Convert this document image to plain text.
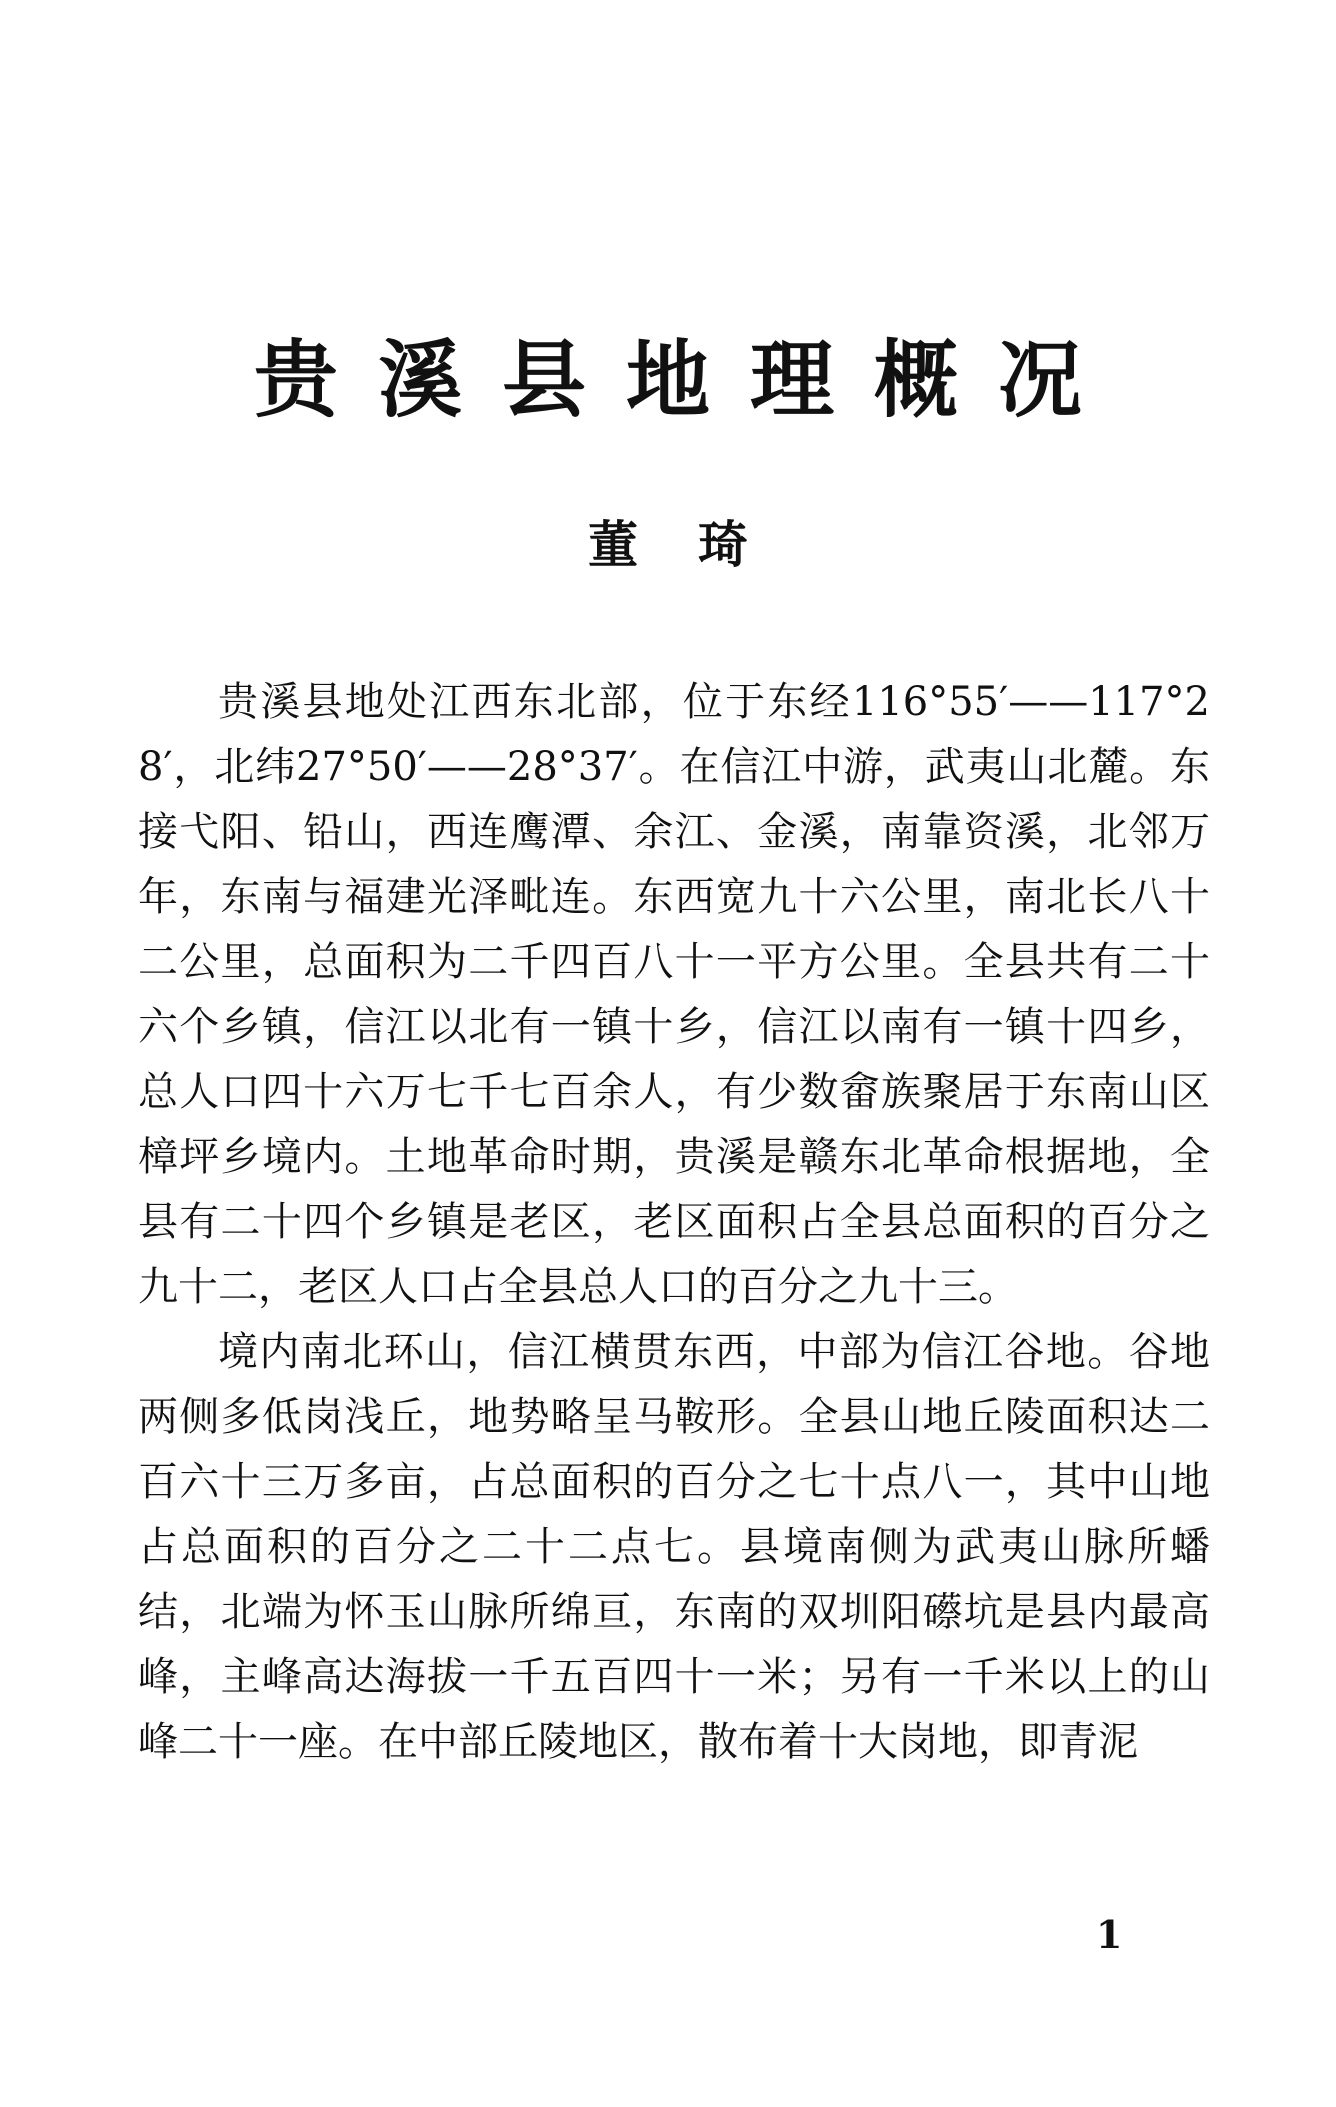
贵溪县地理概况
董琦

贵溪县地处江西东北部，位于东经116°55′——117°28′，北纬27°50′——28°37′。在信江中游，武夷山北麓。东接弋阳、铅山，西连鹰潭、余江、金溪，南靠资溪，北邻万年，东南与福建光泽毗连。东西宽九十六公里，南北长八十二公里，总面积为二千四百八十一平方公里。全县共有二十六个乡镇，信江以北有一镇十乡，信江以南有一镇十四乡，总人口四十六万七千七百余人，有少数畲族聚居于东南山区樟坪乡境内。土地革命时期，贵溪是赣东北革命根据地，全县有二十四个乡镇是老区，老区面积占全县总面积的百分之九十二，老区人口占全县总人口的百分之九十三。

境内南北环山，信江横贯东西，中部为信江谷地。谷地两侧多低岗浅丘，地势略呈马鞍形。全县山地丘陵面积达二百六十三万多亩，占总面积的百分之七十点八一，其中山地占总面积的百分之二十二点七。县境南侧为武夷山脉所蟠结，北端为怀玉山脉所绵亘，东南的双圳阳礤坑是县内最高峰，主峰高达海拔一千五百四十一米；另有一千米以上的山峰二十一座。在中部丘陵地区，散布着十大岗地，即青泥

1
